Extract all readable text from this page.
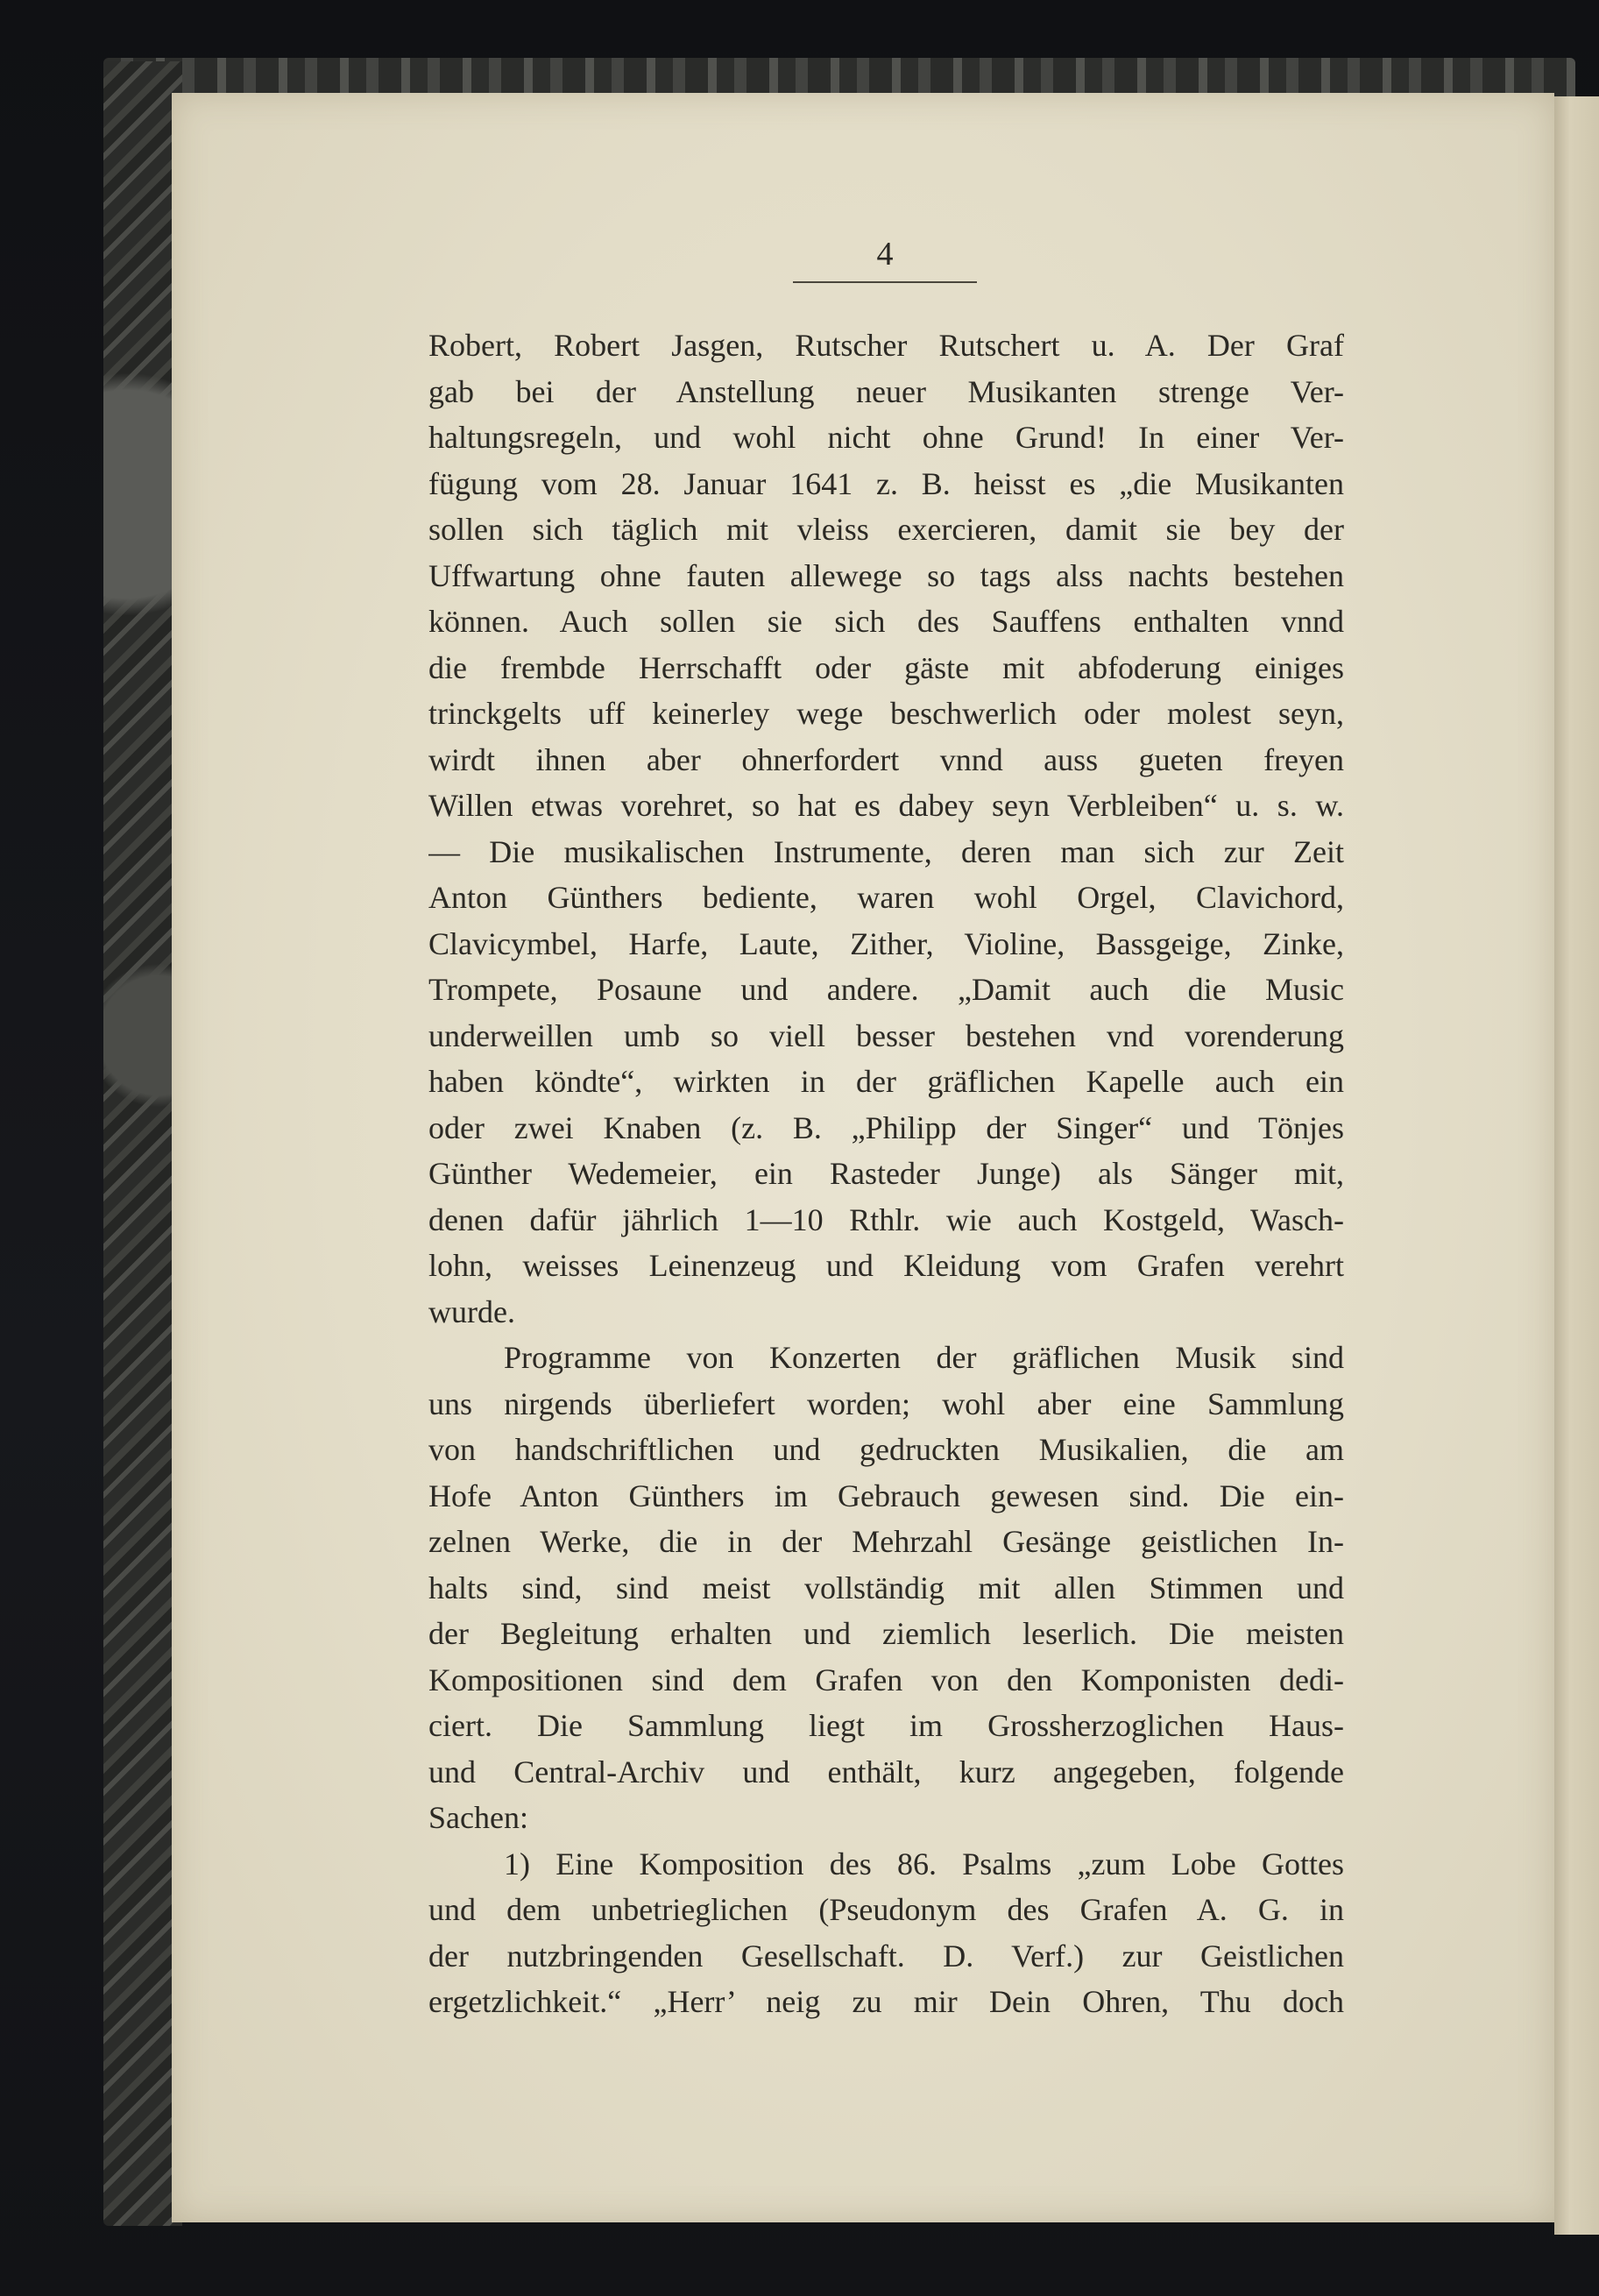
4
Robert, Robert Jasgen, Rutscher Rutschert u. A. Der Graf
gab bei der Anstellung neuer Musikanten strenge Ver-
haltungsregeln, und wohl nicht ohne Grund! In einer Ver-
fügung vom 28. Januar 1641 z. B. heisst es „die Musikanten
sollen sich täglich mit vleiss exercieren, damit sie bey der
Uffwartung ohne fauten allewege so tags alss nachts bestehen
können. Auch sollen sie sich des Sauffens enthalten vnnd
die frembde Herrschafft oder gäste mit abfoderung einiges
trinckgelts uff keinerley wege beschwerlich oder molest seyn,
wirdt ihnen aber ohnerfordert vnnd auss gueten freyen
Willen etwas vorehret, so hat es dabey seyn Verbleiben“ u. s. w.
— Die musikalischen Instrumente, deren man sich zur Zeit
Anton Günthers bediente, waren wohl Orgel, Clavichord,
Clavicymbel, Harfe, Laute, Zither, Violine, Bassgeige, Zinke,
Trompete, Posaune und andere. „Damit auch die Music
underweillen umb so viell besser bestehen vnd vorenderung
haben köndte“, wirkten in der gräflichen Kapelle auch ein
oder zwei Knaben (z. B. „Philipp der Singer“ und Tönjes
Günther Wedemeier, ein Rasteder Junge) als Sänger mit,
denen dafür jährlich 1—10 Rthlr. wie auch Kostgeld, Wasch-
lohn, weisses Leinenzeug und Kleidung vom Grafen verehrt
wurde.
Programme von Konzerten der gräflichen Musik sind
uns nirgends überliefert worden; wohl aber eine Sammlung
von handschriftlichen und gedruckten Musikalien, die am
Hofe Anton Günthers im Gebrauch gewesen sind. Die ein-
zelnen Werke, die in der Mehrzahl Gesänge geistlichen In-
halts sind, sind meist vollständig mit allen Stimmen und
der Begleitung erhalten und ziemlich leserlich. Die meisten
Kompositionen sind dem Grafen von den Komponisten dedi-
ciert. Die Sammlung liegt im Grossherzoglichen Haus-
und Central-Archiv und enthält, kurz angegeben, folgende
Sachen:
1) Eine Komposition des 86. Psalms „zum Lobe Gottes
und dem unbetrieglichen (Pseudonym des Grafen A. G. in
der nutzbringenden Gesellschaft. D. Verf.) zur Geistlichen
ergetzlichkeit.“ „Herr’ neig zu mir Dein Ohren, Thu doch
